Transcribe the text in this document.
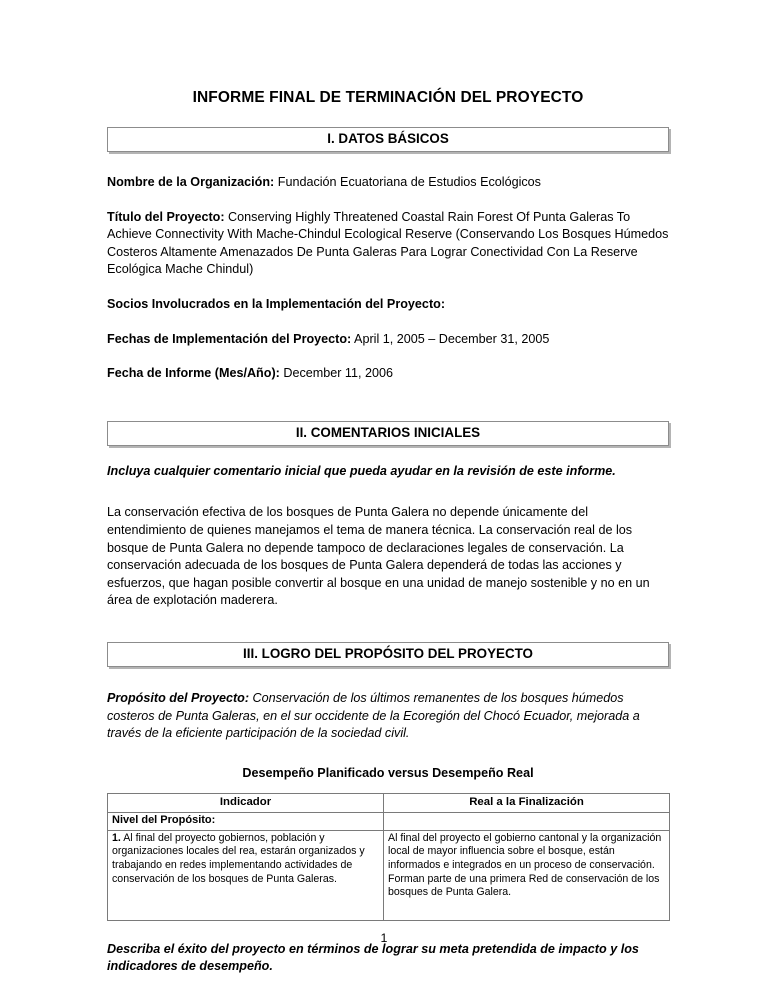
INFORME FINAL DE TERMINACIÓN DEL PROYECTO
I. DATOS BÁSICOS

Nombre de la Organización: Fundación Ecuatoriana de Estudios Ecológicos

Título del Proyecto: Conserving Highly Threatened Coastal Rain Forest Of Punta Galeras To Achieve Connectivity With Mache-Chindul Ecological Reserve (Conservando Los Bosques Húmedos Costeros Altamente Amenazados De Punta Galeras Para Lograr Conectividad Con La Reserve Ecológica Mache Chindul)

Socios Involucrados en la Implementación del Proyecto:

Fechas de Implementación del Proyecto: April 1, 2005 – December 31, 2005

Fecha de Informe (Mes/Año): December 11, 2006

II. COMENTARIOS INICIALES

Incluya cualquier comentario inicial que pueda ayudar en la revisión de este informe.

La conservación efectiva de los bosques de Punta Galera no depende únicamente del entendimiento de quienes manejamos el tema de manera técnica. La conservación real de los bosque de Punta Galera no depende tampoco de declaraciones legales de conservación. La conservación adecuada de los bosques de Punta Galera dependerá de todas las acciones y esfuerzos, que hagan posible convertir al bosque en una unidad de manejo sostenible y no en un área de explotación maderera.

III. LOGRO DEL PROPÓSITO DEL PROYECTO

Propósito del Proyecto: Conservación de los últimos remanentes de los bosques húmedos costeros de Punta Galeras, en el sur occidente de la Ecoregión del Chocó Ecuador, mejorada a través de la eficiente participación de la sociedad civil.

Desempeño Planificado versus Desempeño Real
Indicador	Real a la Finalización
Nivel del Propósito:	
1. Al final del proyecto gobiernos, población y organizaciones locales del rea, estarán organizados y trabajando en redes implementando actividades de conservación de los bosques de Punta Galeras.	Al final del proyecto el gobierno cantonal y la organización local de mayor influencia sobre el bosque, están informados e integrados en un proceso de conservación. Forman parte de una primera Red de conservación de los bosques de Punta Galera.

Describa el éxito del proyecto en términos de lograr su meta pretendida de impacto y los indicadores de desempeño.

1
